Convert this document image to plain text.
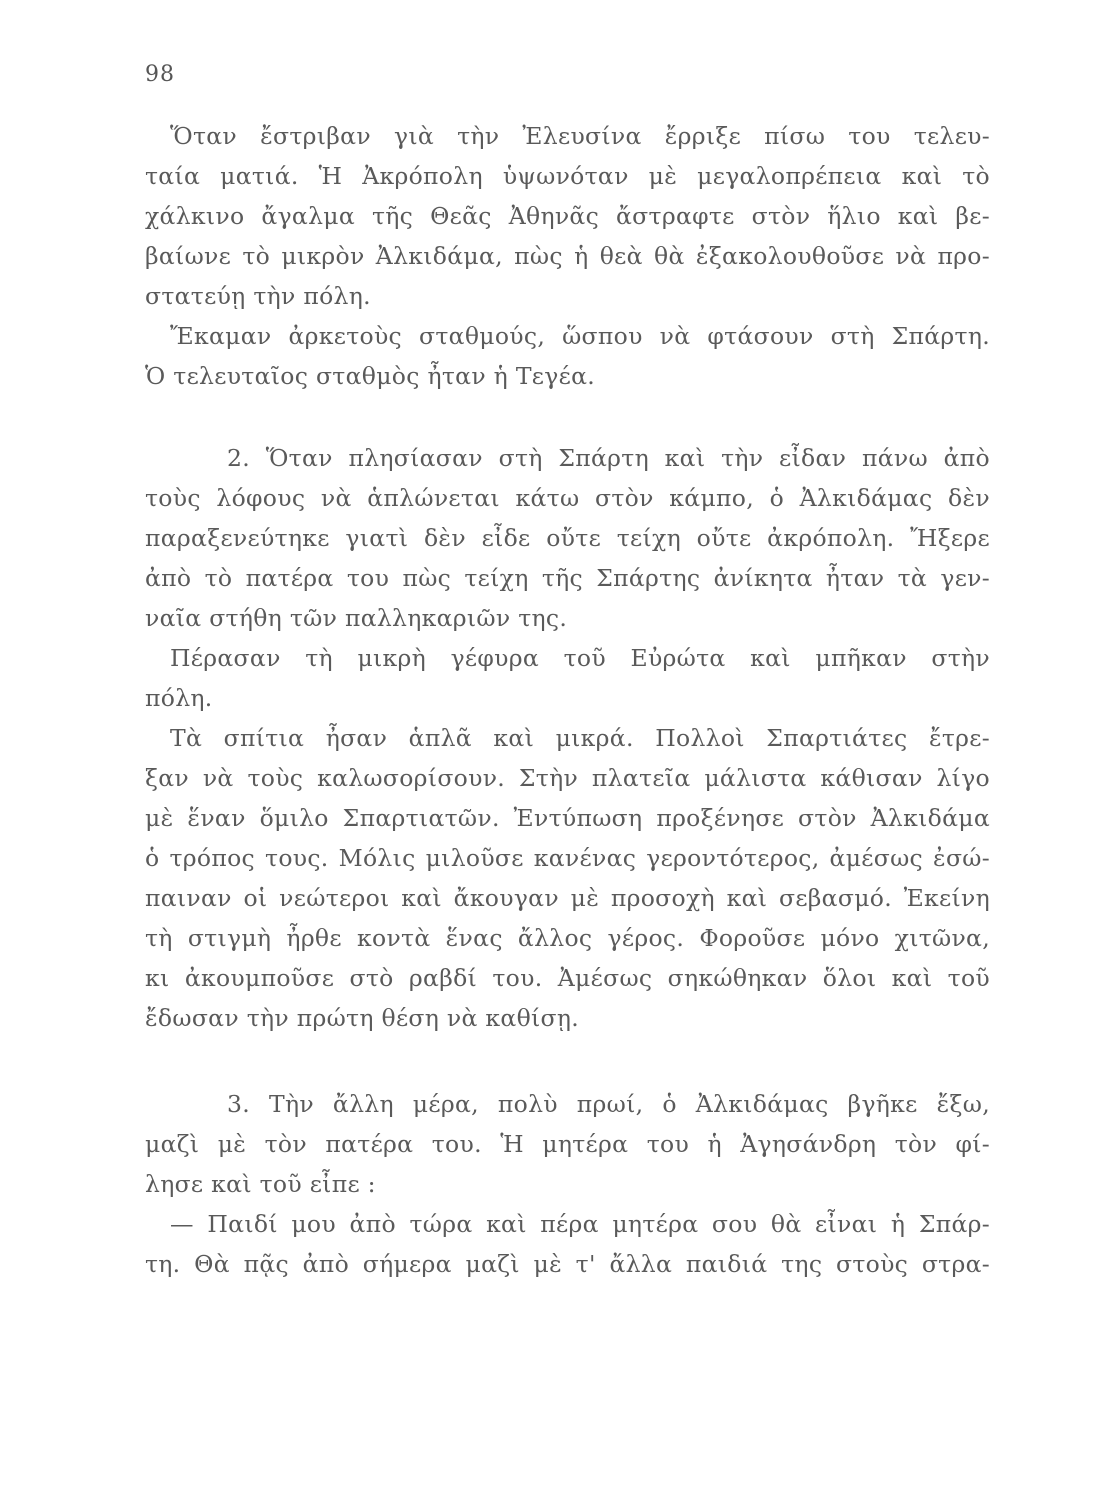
98
Ὅταν ἔστριβαν γιὰ τὴν Ἐλευσίνα ἔρριξε πίσω του τελευ-
ταία ματιά. Ἡ Ἀκρόπολη ὑψωνόταν μὲ μεγαλοπρέπεια καὶ τὸ
χάλκινο ἄγαλμα τῆς Θεᾶς Ἀθηνᾶς ἄστραφτε στὸν ἥλιο καὶ βε-
βαίωνε τὸ μικρὸν Ἀλκιδάμα, πὼς ἡ θεὰ θὰ ἐξακολουθοῦσε νὰ προ-
στατεύῃ τὴν πόλη.
Ἔκαμαν ἀρκετοὺς σταθμούς, ὥσπου νὰ φτάσουν στὴ Σπάρτη.
Ὁ τελευταῖος σταθμὸς ἦταν ἡ Τεγέα.
2. Ὅταν πλησίασαν στὴ Σπάρτη καὶ τὴν εἶδαν πάνω ἀπὸ
τοὺς λόφους νὰ ἁπλώνεται κάτω στὸν κάμπο, ὁ Ἀλκιδάμας δὲν
παραξενεύτηκε γιατὶ δὲν εἶδε οὔτε τείχη οὔτε ἀκρόπολη. Ἤξερε
ἀπὸ τὸ πατέρα του πὼς τείχη τῆς Σπάρτης ἀνίκητα ἦταν τὰ γεν-
ναῖα στήθη τῶν παλληκαριῶν της.
Πέρασαν τὴ μικρὴ γέφυρα τοῦ Εὐρώτα καὶ μπῆκαν στὴν
πόλη.
Τὰ σπίτια ἦσαν ἁπλᾶ καὶ μικρά. Πολλοὶ Σπαρτιάτες ἔτρε-
ξαν νὰ τοὺς καλωσορίσουν. Στὴν πλατεῖα μάλιστα κάθισαν λίγο
μὲ ἕναν ὅμιλο Σπαρτιατῶν. Ἐντύπωση προξένησε στὸν Ἀλκιδάμα
ὁ τρόπος τους. Μόλις μιλοῦσε κανένας γεροντότερος, ἀμέσως ἐσώ-
παιναν οἱ νεώτεροι καὶ ἄκουγαν μὲ προσοχὴ καὶ σεβασμό. Ἐκείνη
τὴ στιγμὴ ἦρθε κοντὰ ἕνας ἄλλος γέρος. Φοροῦσε μόνο χιτῶνα,
κι ἀκουμποῦσε στὸ ραβδί του. Ἀμέσως σηκώθηκαν ὅλοι καὶ τοῦ
ἔδωσαν τὴν πρώτη θέση νὰ καθίσῃ.
3. Τὴν ἄλλη μέρα, πολὺ πρωί, ὁ Ἀλκιδάμας βγῆκε ἔξω,
μαζὶ μὲ τὸν πατέρα του. Ἡ μητέρα του ἡ Ἀγησάνδρη τὸν φί-
λησε καὶ τοῦ εἶπε :
— Παιδί μου ἀπὸ τώρα καὶ πέρα μητέρα σου θὰ εἶναι ἡ Σπάρ-
τη. Θὰ πᾷς ἀπὸ σήμερα μαζὶ μὲ τ' ἄλλα παιδιά της στοὺς στρα-
